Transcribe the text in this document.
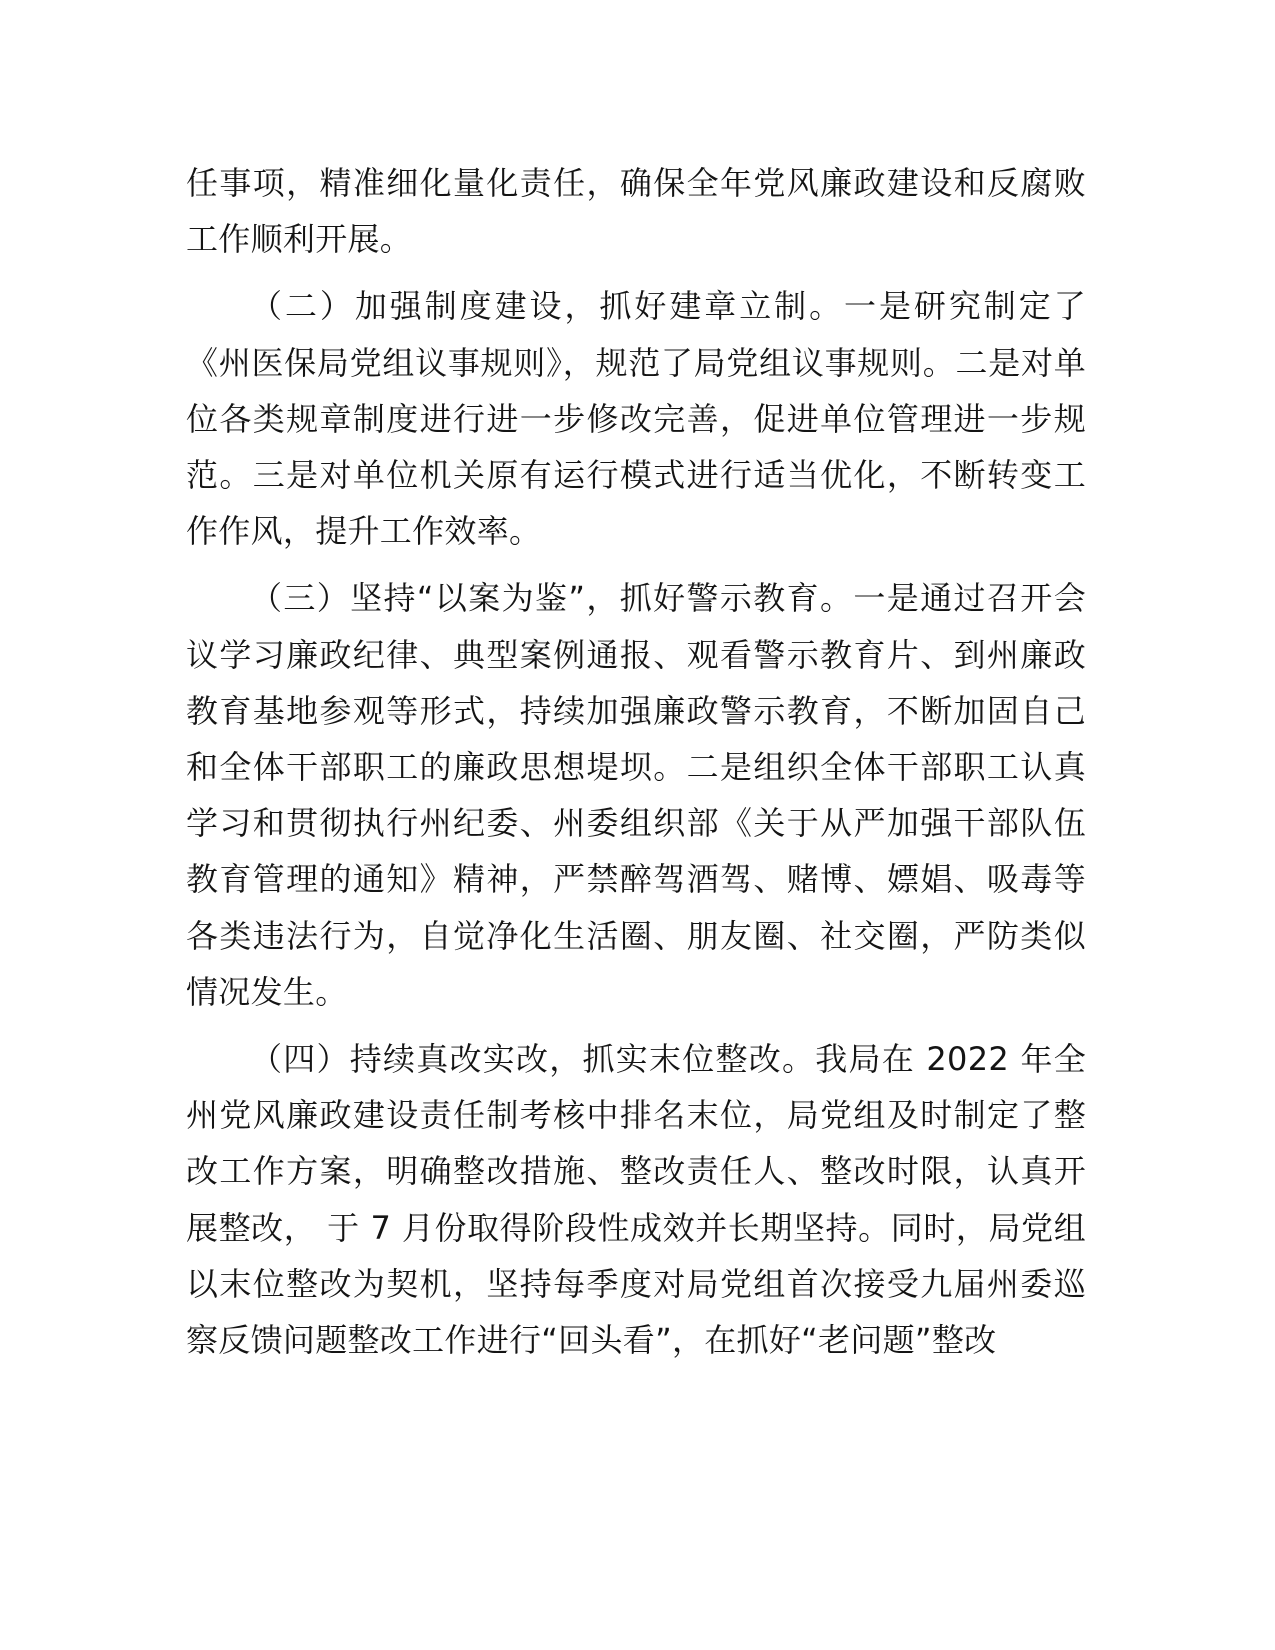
任事项，精准细化量化责任，确保全年党风廉政建设和反腐败工作顺利开展。

（二）加强制度建设，抓好建章立制。一是研究制定了《州医保局党组议事规则》，规范了局党组议事规则。二是对单位各类规章制度进行进一步修改完善，促进单位管理进一步规范。三是对单位机关原有运行模式进行适当优化，不断转变工作作风，提升工作效率。

（三）坚持“以案为鉴”，抓好警示教育。一是通过召开会议学习廉政纪律、典型案例通报、观看警示教育片、到州廉政教育基地参观等形式，持续加强廉政警示教育，不断加固自己和全体干部职工的廉政思想堤坝。二是组织全体干部职工认真学习和贯彻执行州纪委、州委组织部《关于从严加强干部队伍教育管理的通知》精神，严禁醉驾酒驾、赌博、嫖娼、吸毒等各类违法行为，自觉净化生活圈、朋友圈、社交圈，严防类似情况发生。

（四）持续真改实改，抓实末位整改。我局在 2022 年全州党风廉政建设责任制考核中排名末位，局党组及时制定了整改工作方案，明确整改措施、整改责任人、整改时限，认真开展整改， 于 7 月份取得阶段性成效并长期坚持。同时，局党组以末位整改为契机，坚持每季度对局党组首次接受九届州委巡察反馈问题整改工作进行“回头看”，在抓好“老问题”整改
